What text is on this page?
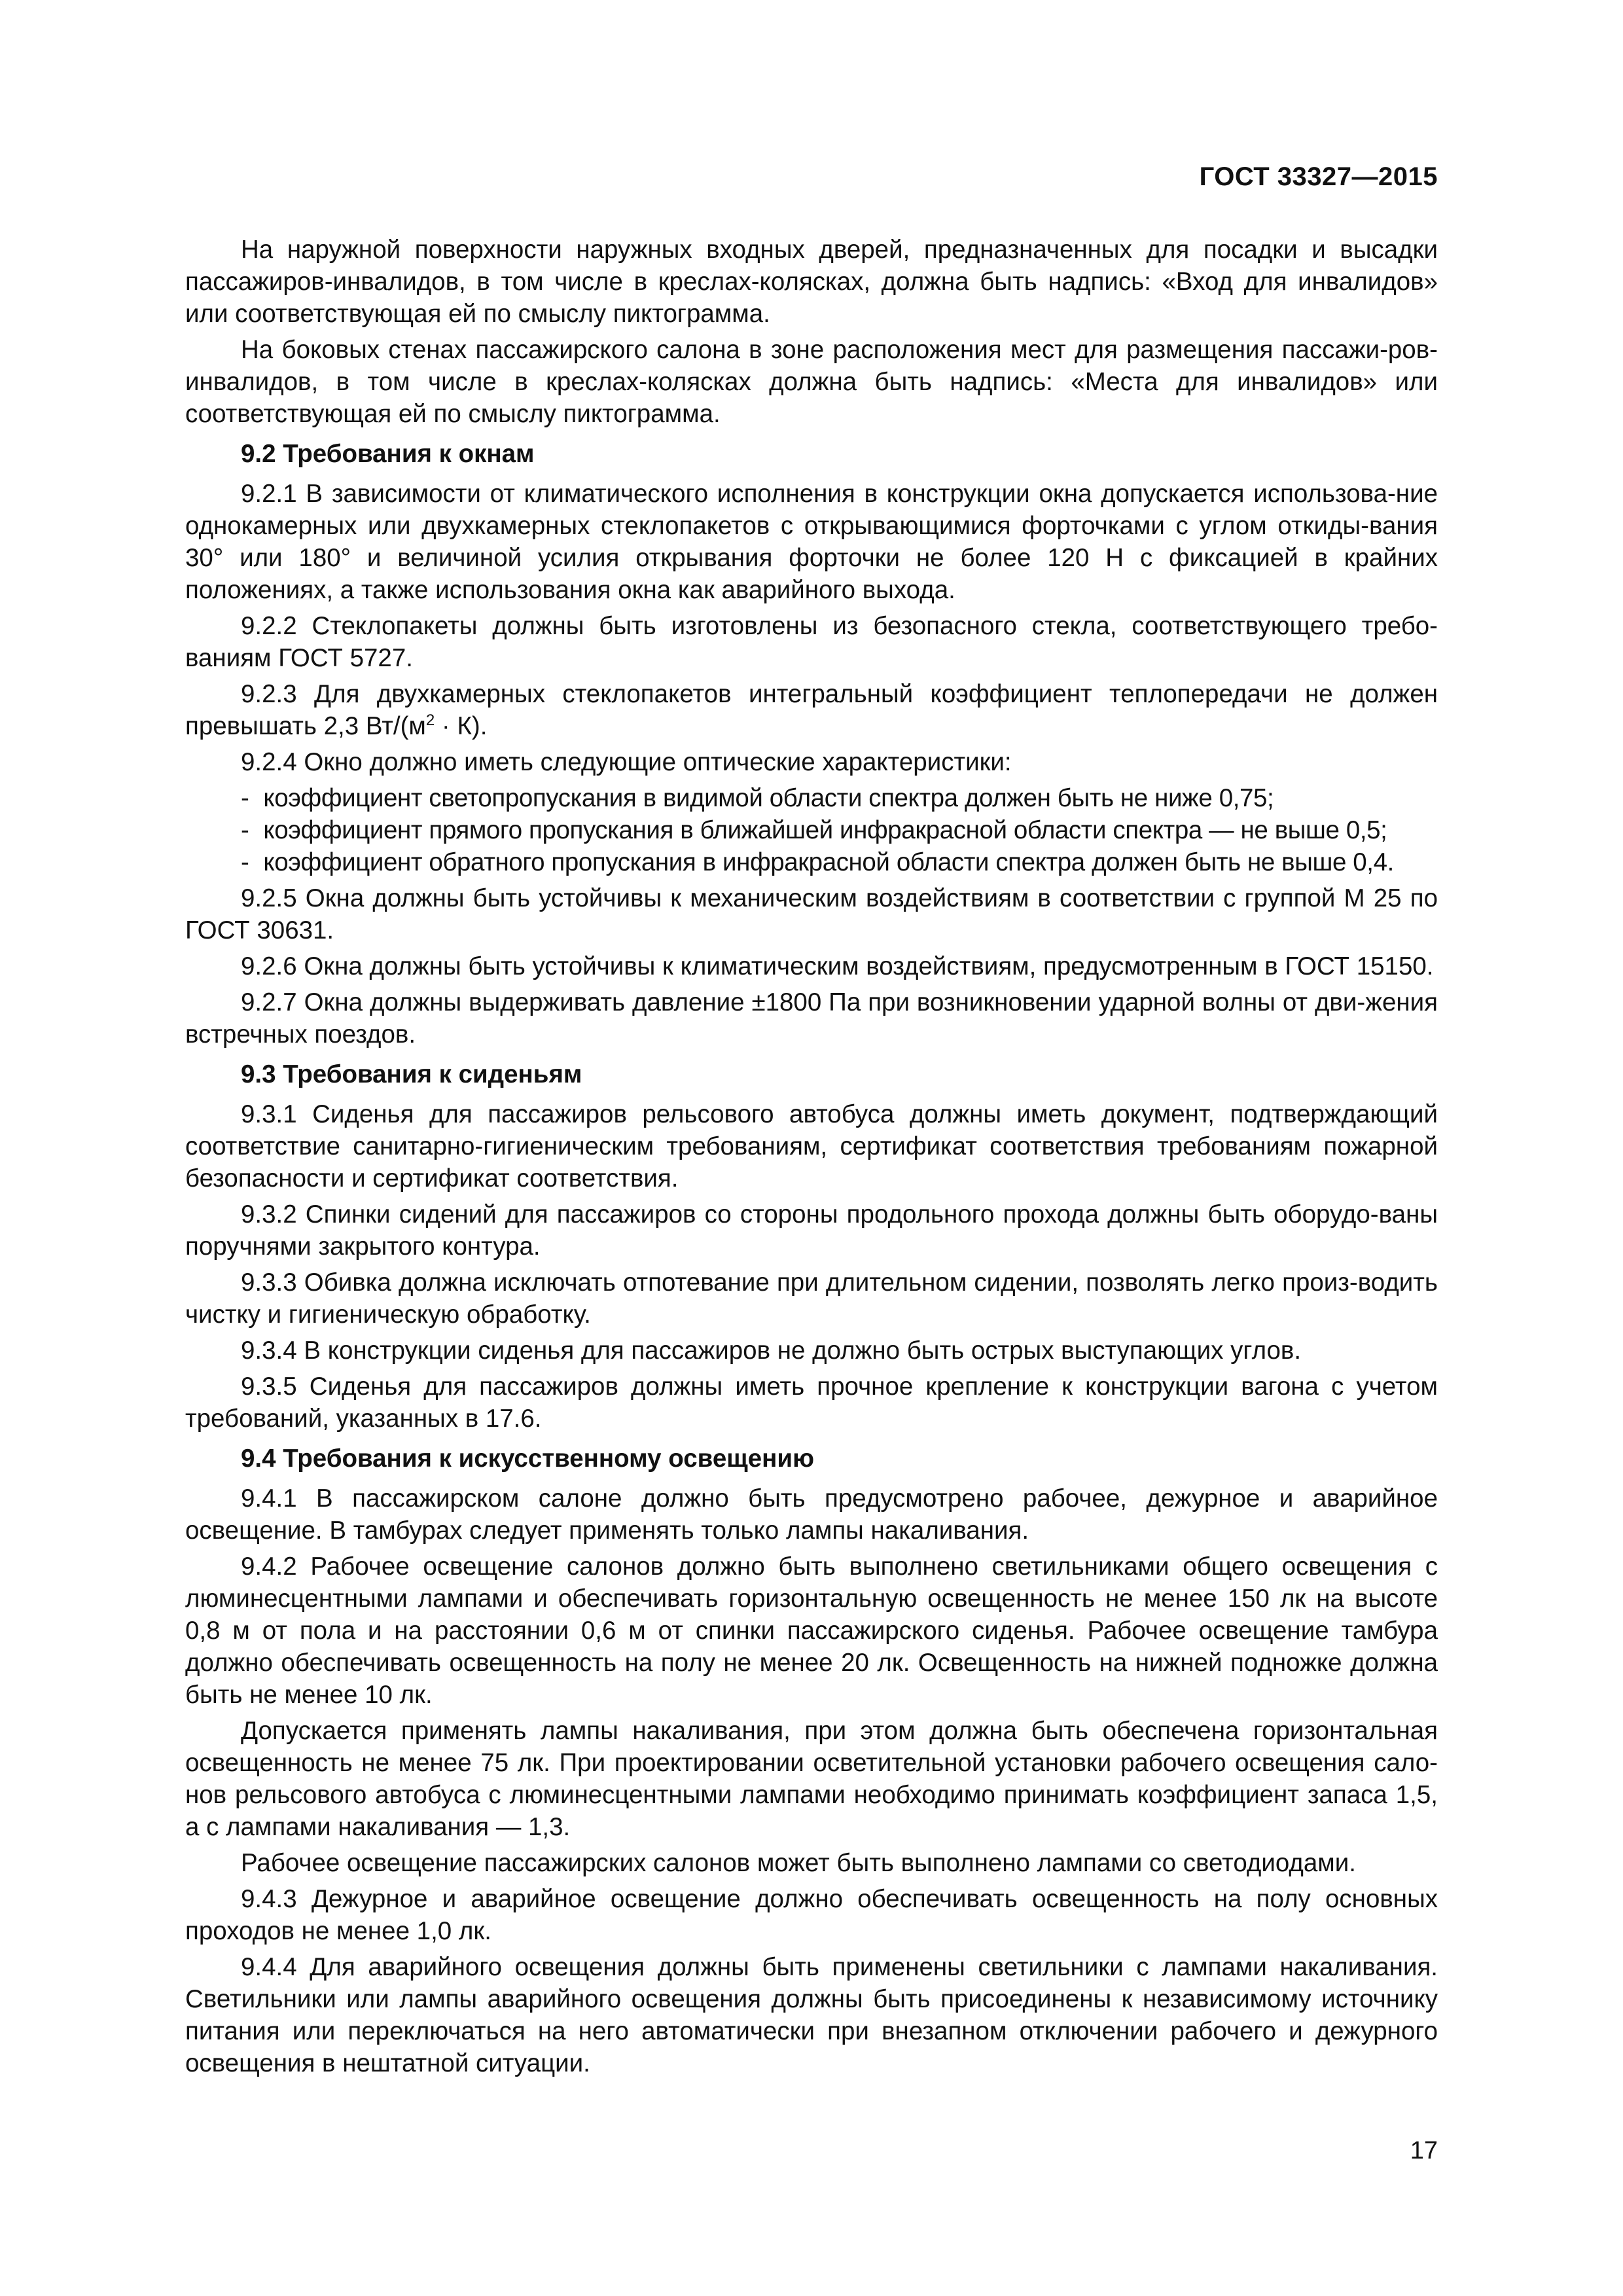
ГОСТ 33327—2015

На наружной поверхности наружных входных дверей, предназначенных для посадки и высадки пассажиров-инвалидов, в том числе в креслах-колясках, должна быть надпись: «Вход для инвалидов» или соответствующая ей по смыслу пиктограмма.

На боковых стенах пассажирского салона в зоне расположения мест для размещения пассажи-ров-инвалидов, в том числе в креслах-колясках должна быть надпись: «Места для инвалидов» или соответствующая ей по смыслу пиктограмма.

9.2 Требования к окнам

9.2.1 В зависимости от климатического исполнения в конструкции окна допускается использова-ние однокамерных или двухкамерных стеклопакетов с открывающимися форточками с углом откиды-вания 30° или 180° и величиной усилия открывания форточки не более 120 Н с фиксацией в крайних положениях, а также использования окна как аварийного выхода.

9.2.2 Стеклопакеты должны быть изготовлены из безопасного стекла, соответствующего требо-ваниям ГОСТ 5727.

9.2.3 Для двухкамерных стеклопакетов интегральный коэффициент теплопередачи не должен превышать 2,3 $Вт/(м^2 \cdot К)$.

9.2.4 Окно должно иметь следующие оптические характеристики:

- коэффициент светопропускания в видимой области спектра должен быть не ниже 0,75;
- коэффициент прямого пропускания в ближайшей инфракрасной области спектра — не выше 0,5;
- коэффициент обратного пропускания в инфракрасной области спектра должен быть не выше 0,4.

9.2.5 Окна должны быть устойчивы к механическим воздействиям в соответствии с группой М 25 по ГОСТ 30631.

9.2.6 Окна должны быть устойчивы к климатическим воздействиям, предусмотренным в ГОСТ 15150.

9.2.7 Окна должны выдерживать давление ±1800 Па при возникновении ударной волны от дви-жения встречных поездов.

9.3 Требования к сиденьям

9.3.1 Сиденья для пассажиров рельсового автобуса должны иметь документ, подтверждающий соответствие санитарно-гигиеническим требованиям, сертификат соответствия требованиям пожарной безопасности и сертификат соответствия.

9.3.2 Спинки сидений для пассажиров со стороны продольного прохода должны быть оборудо-ваны поручнями закрытого контура.

9.3.3 Обивка должна исключать отпотевание при длительном сидении, позволять легко произ-водить чистку и гигиеническую обработку.

9.3.4 В конструкции сиденья для пассажиров не должно быть острых выступающих углов.

9.3.5 Сиденья для пассажиров должны иметь прочное крепление к конструкции вагона с учетом требований, указанных в 17.6.

9.4 Требования к искусственному освещению

9.4.1 В пассажирском салоне должно быть предусмотрено рабочее, дежурное и аварийное освещение. В тамбурах следует применять только лампы накаливания.

9.4.2 Рабочее освещение салонов должно быть выполнено светильниками общего освещения с люминесцентными лампами и обеспечивать горизонтальную освещенность не менее 150 лк на высоте 0,8 м от пола и на расстоянии 0,6 м от спинки пассажирского сиденья. Рабочее освещение тамбура должно обеспечивать освещенность на полу не менее 20 лк. Освещенность на нижней подножке должна быть не менее 10 лк.

Допускается применять лампы накаливания, при этом должна быть обеспечена горизонтальная освещенность не менее 75 лк. При проектировании осветительной установки рабочего освещения сало-нов рельсового автобуса с люминесцентными лампами необходимо принимать коэффициент запаса 1,5, а с лампами накаливания — 1,3.

Рабочее освещение пассажирских салонов может быть выполнено лампами со светодиодами.

9.4.3 Дежурное и аварийное освещение должно обеспечивать освещенность на полу основных проходов не менее 1,0 лк.

9.4.4 Для аварийного освещения должны быть применены светильники с лампами накаливания. Светильники или лампы аварийного освещения должны быть присоединены к независимому источнику питания или переключаться на него автоматически при внезапном отключении рабочего и дежурного освещения в нештатной ситуации.

17
